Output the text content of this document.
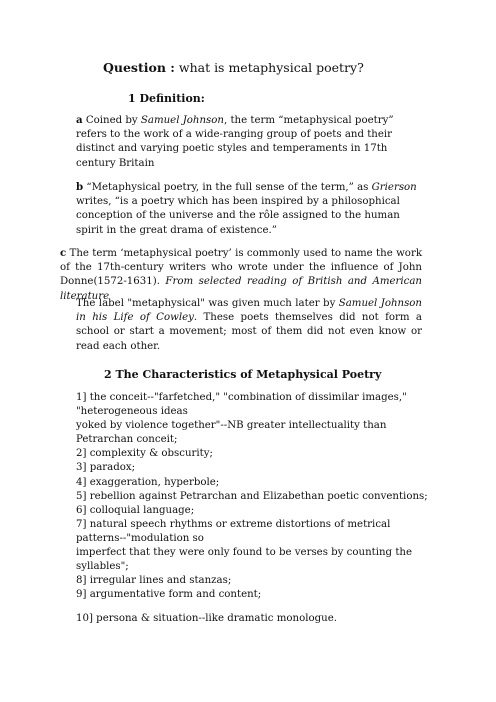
Question : what is metaphysical poetry?
1 Definition:

a Coined by Samuel Johnson, the term “metaphysical poetry” refers to the work of a wide-ranging group of poets and their distinct and varying poetic styles and temperaments in 17th century Britain

b “Metaphysical poetry, in the full sense of the term,” as Grierson writes, “is a poetry which has been inspired by a philosophical conception of the universe and the rôle assigned to the human spirit in the great drama of existence.”

c The term ‘metaphysical poetry’ is commonly used to name the work of the 17th-century writers who wrote under the influence of John Donne(1572-1631). From selected reading of British and American literature

The label "metaphysical" was given much later by Samuel Johnson in his Life of Cowley. These poets themselves did not form a school or start a movement; most of them did not even know or read each other.

2 The Characteristics of Metaphysical Poetry

1] the conceit--"farfetched," "combination of dissimilar images," "heterogeneous ideas

yoked by violence together"--NB greater intellectuality than Petrarchan conceit;

2] complexity & obscurity;

3] paradox;

4] exaggeration, hyperbole;

5] rebellion against Petrarchan and Elizabethan poetic conventions;

6] colloquial language;

7] natural speech rhythms or extreme distortions of metrical patterns--"modulation so

imperfect that they were only found to be verses by counting the syllables";

8] irregular lines and stanzas;

9] argumentative form and content;

10] persona & situation--like dramatic monologue.
